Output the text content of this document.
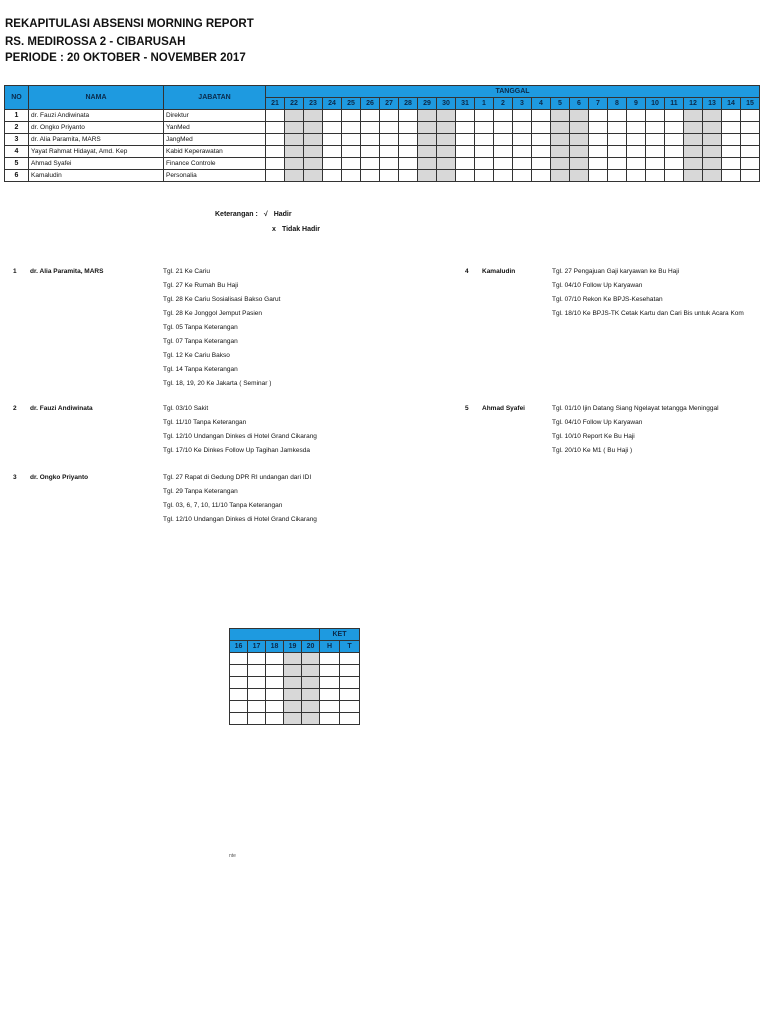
REKAPITULASI ABSENSI MORNING REPORT
RS. MEDIROSSA 2 - CIBARUSAH
PERIODE : 20 OKTOBER - NOVEMBER 2017
NO	NAMA	JABATAN	TANGGAL																									
			21	22	23	24	25	26	27	28	29	30	31	1	2	3	4	5	6	7	8	9	10	11	12	13	14	15
1	dr. Fauzi Andiwinata	Direktur																										
2	dr. Ongko Priyanto	YanMed																										
3	dr. Alia Paramita, MARS	JangMed																										
4	Yayat Rahmat Hidayat, Amd. Kep	Kabid Keperawatan																										
5	Ahmad Syafei	Finance Controle																										
6	Kamaludin	Personalia																										
Keterangan : √ Hadir
x Tidak Hadir
1 dr. Alia Paramita, MARS	Tgl. 21 Ke Cariu
Tgl. 27 Ke Rumah Bu Haji
Tgl. 28 Ke Cariu Sosialisasi Bakso Garut
Tgl. 28 Ke Jonggol Jemput Pasien
Tgl. 05 Tanpa Keterangan
Tgl. 07 Tanpa Keterangan
Tgl. 12 Ke Cariu Bakso
Tgl. 14 Tanpa Keterangan
Tgl. 18, 19, 20 Ke Jakarta ( Seminar )
2 dr. Fauzi Andiwinata	Tgl. 03/10 Sakit
Tgl. 11/10 Tanpa Keterangan
Tgl. 12/10 Undangan Dinkes di Hotel Grand Cikarang
Tgl. 17/10 Ke Dinkes Follow Up Tagihan Jamkesda
3 dr. Ongko Priyanto	Tgl. 27 Rapat di Gedung DPR RI undangan dari IDI
Tgl. 29 Tanpa Keterangan
Tgl. 03, 6, 7, 10, 11/10 Tanpa Keterangan
Tgl. 12/10 Undangan Dinkes di Hotel Grand Cikarang
4 Kamaludin	Tgl. 27 Pengajuan Gaji karyawan ke Bu Haji
Tgl. 04/10 Follow Up Karyawan
Tgl. 07/10 Rekon Ke BPJS-Kesehatan
Tgl. 18/10 Ke BPJS-TK Cetak Kartu dan Cari Bis untuk Acara Kom
5 Ahmad Syafei	Tgl. 01/10 Ijin Datang Siang Ngelayat tetangga Meninggal
Tgl. 04/10 Follow Up Karyawan
Tgl. 10/10 Report Ke Bu Haji
Tgl. 20/10 Ke M1 ( Bu Haji )
					KET	
16	17	18	19	20	H	T

nte
